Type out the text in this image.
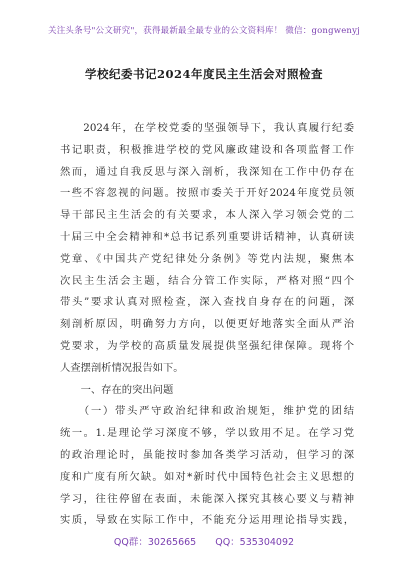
关注头条号"公文研究"，获得最新最全最专业的公文资料库！ 微信：gongwenyj
学校纪委书记2024年度民主生活会对照检查
　　2024年，在学校党委的坚强领导下，我认真履行纪委
书记职责，积极推进学校的党风廉政建设和各项监督工作
然而，通过自我反思与深入剖析，我深知在工作中仍存在
一些不容忽视的问题。按照市委关于开好2024年度党员领
导干部民主生活会的有关要求，本人深入学习领会党的二
十届三中全会精神和*总书记系列重要讲话精神，认真研读
党章、《中国共产党纪律处分条例》等党内法规，聚焦本
次民主生活会主题，结合分管工作实际，严格对照“四个
带头”要求认真对照检查，深入查找自身存在的问题，深
刻剖析原因，明确努力方向，以便更好地落实全面从严治
党要求，为学校的高质量发展提供坚强纪律保障。现将个
人查摆剖析情况报告如下。
　　一、存在的突出问题
　　（一）带头严守政治纪律和政治规矩，维护党的团结
统一。1.是理论学习深度不够，学以致用不足。在学习党
的政治理论时，虽能按时参加各类学习活动，但学习的深
度和广度有所欠缺。如对*新时代中国特色社会主义思想的
学习，往往停留在表面，未能深入探究其核心要义与精神
实质，导致在实际工作中，不能充分运用理论指导实践，
QQ群：30265665　　QQ：535304092
